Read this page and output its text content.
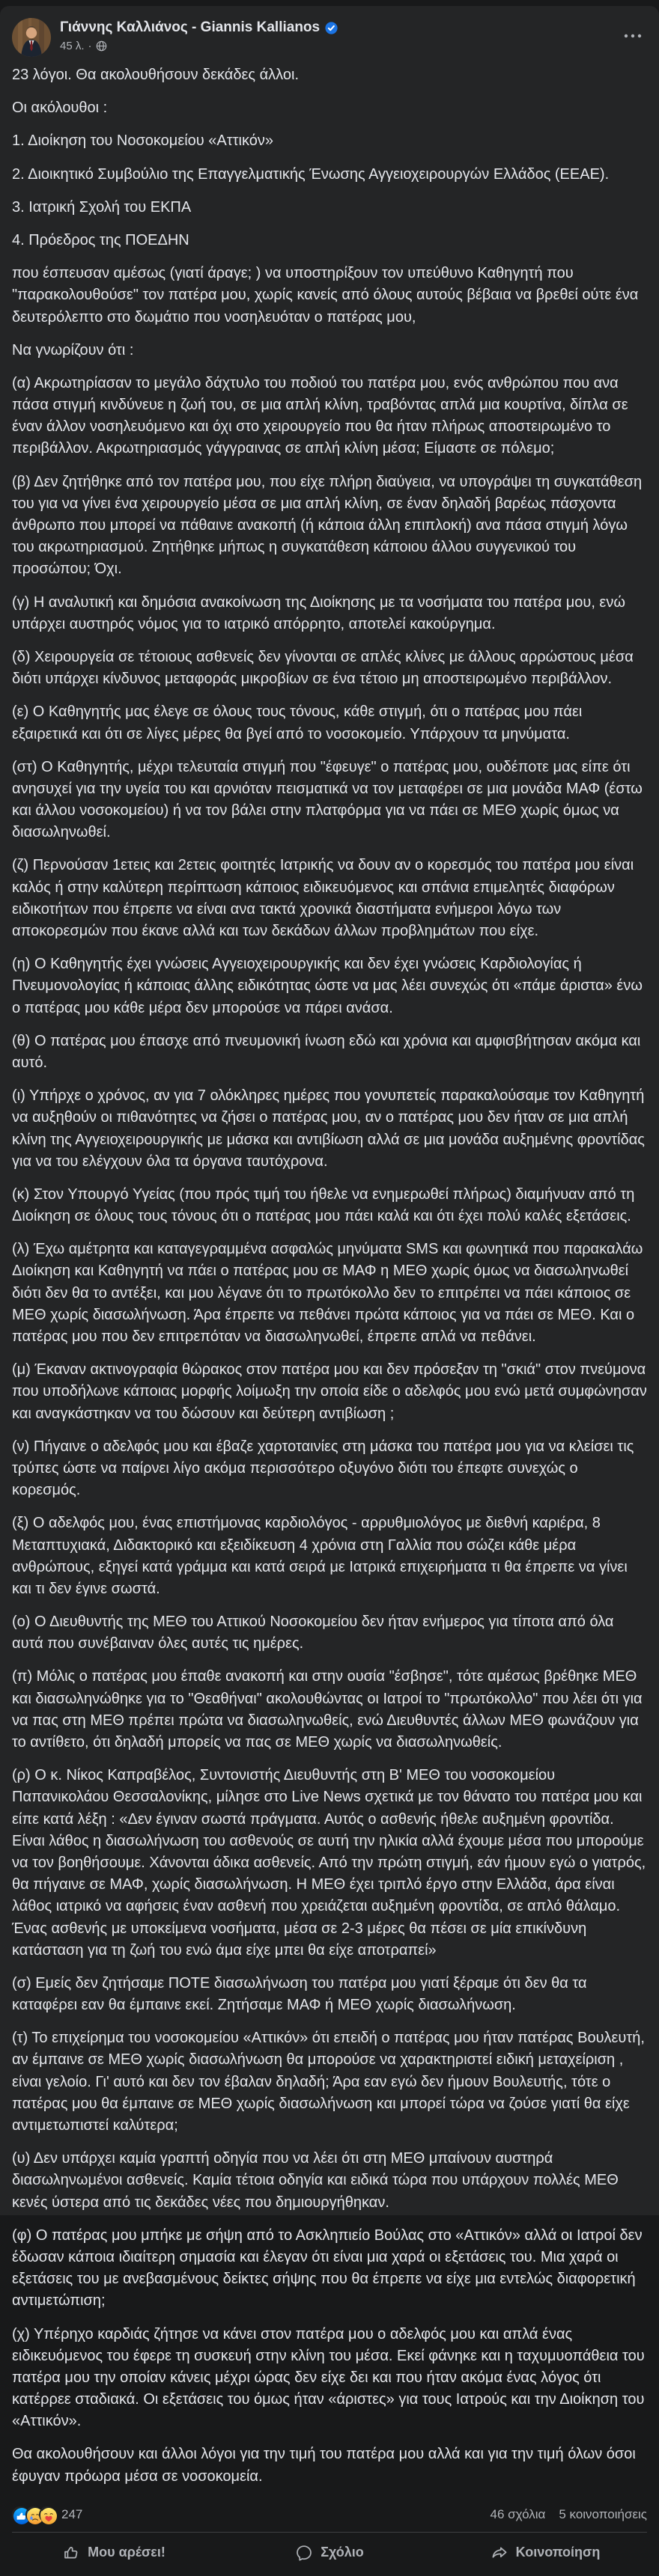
Γιάννης Καλλιάνος - Giannis Kallianos
45 λ. ·

23 λόγοι. Θα ακολουθήσουν δεκάδες άλλοι.

Οι ακόλουθοι :

1. Διοίκηση του Νοσοκομείου «Αττικόν»

2. Διοικητικό Συμβούλιο της Επαγγελματικής Ένωσης Αγγειοχειρουργών Ελλάδος (ΕΕΑΕ).

3. Ιατρική Σχολή του ΕΚΠΑ

4. Πρόεδρος της ΠΟΕΔΗΝ

που έσπευσαν αμέσως (γιατί άραγε; ) να υποστηρίξουν τον υπεύθυνο Καθηγητή που "παρακολουθούσε" τον πατέρα μου, χωρίς κανείς από όλους αυτούς βέβαια να βρεθεί ούτε ένα δευτερόλεπτο στο δωμάτιο που νοσηλευόταν ο πατέρας μου,

Να γνωρίζουν ότι :

(α) Ακρωτηρίασαν το μεγάλο δάχτυλο του ποδιού του πατέρα μου, ενός ανθρώπου που ανα πάσα στιγμή κινδύνευε η ζωή του, σε μια απλή κλίνη, τραβόντας απλά μια κουρτίνα, δίπλα σε έναν άλλον νοσηλευόμενο και όχι στο χειρουργείο που θα ήταν πλήρως αποστειρωμένο το περιβάλλον. Ακρωτηριασμός γάγγραινας σε απλή κλίνη μέσα; Είμαστε σε πόλεμο;

(β) Δεν ζητήθηκε από τον πατέρα μου, που είχε πλήρη διαύγεια, να υπογράψει τη συγκατάθεση του για να γίνει ένα χειρουργείο μέσα σε μια απλή κλίνη, σε έναν δηλαδή βαρέως πάσχοντα άνθρωπο που μπορεί να πάθαινε ανακοπή (ή κάποια άλλη επιπλοκή) ανα πάσα στιγμή λόγω του ακρωτηριασμού. Ζητήθηκε μήπως η συγκατάθεση κάποιου άλλου συγγενικού του προσώπου; Όχι.

(γ) Η αναλυτική και δημόσια ανακοίνωση της Διοίκησης με τα νοσήματα του πατέρα μου, ενώ υπάρχει αυστηρός νόμος για το ιατρικό απόρρητο, αποτελεί κακούργημα.

(δ) Χειρουργεία σε τέτοιους ασθενείς δεν γίνονται σε απλές κλίνες με άλλους αρρώστους μέσα διότι υπάρχει κίνδυνος μεταφοράς μικροβίων σε ένα τέτοιο μη αποστειρωμένο περιβάλλον.

(ε) Ο Καθηγητής μας έλεγε σε όλους τους τόνους, κάθε στιγμή, ότι ο πατέρας μου πάει εξαιρετικά και ότι σε λίγες μέρες θα βγεί από το νοσοκομείο. Υπάρχουν τα μηνύματα.

(στ) Ο Καθηγητής, μέχρι τελευταία στιγμή που "έφευγε" ο πατέρας μου, ουδέποτε μας είπε ότι ανησυχεί για την υγεία του και αρνιόταν πεισματικά να τον μεταφέρει σε μια μονάδα ΜΑΦ (έστω και άλλου νοσοκομείου) ή να τον βάλει στην πλατφόρμα για να πάει σε ΜΕΘ χωρίς όμως να διασωληνωθεί.

(ζ) Περνούσαν 1ετεις και 2ετεις φοιτητές Ιατρικής να δουν αν ο κορεσμός του πατέρα μου είναι καλός ή στην καλύτερη περίπτωση κάποιος ειδικευόμενος και σπάνια επιμελητές διαφόρων ειδικοτήτων που έπρεπε να είναι ανα τακτά χρονικά διαστήματα ενήμεροι λόγω των αποκορεσμών που έκανε αλλά και των δεκάδων άλλων προβλημάτων που είχε.

(η) Ο Καθηγητής έχει γνώσεις Αγγειοχειρουργικής και δεν έχει γνώσεις Καρδιολογίας ή Πνευμονολογίας ή κάποιας άλλης ειδικότητας ώστε να μας λέει συνεχώς ότι «πάμε άριστα» ένω ο πατέρας μου κάθε μέρα δεν μπορούσε να πάρει ανάσα.

(θ) Ο πατέρας μου έπασχε από πνευμονική ίνωση εδώ και χρόνια και αμφισβήτησαν ακόμα και αυτό.

(ι) Υπήρχε ο χρόνος, αν για 7 ολόκληρες ημέρες που γονυπετείς παρακαλούσαμε τον Καθηγητή να αυξηθούν οι πιθανότητες να ζήσει ο πατέρας μου, αν ο πατέρας μου δεν ήταν σε μια απλή κλίνη της Αγγειοχειρουργικής με μάσκα και αντιβίωση αλλά σε μια μονάδα αυξημένης φροντίδας για να του ελέγχουν όλα τα όργανα ταυτόχρονα.

(κ) Στον Υπουργό Υγείας (που πρός τιμή του ήθελε να ενημερωθεί πλήρως) διαμήνυαν από τη Διοίκηση σε όλους τους τόνους ότι ο πατέρας μου πάει καλά και ότι έχει πολύ καλές εξετάσεις.

(λ) Έχω αμέτρητα και καταγεγραμμένα ασφαλώς μηνύματα SMS και φωνητικά που παρακαλάω Διοίκηση και Καθηγητή να πάει ο πατέρας μου σε ΜΑΦ η ΜΕΘ χωρίς όμως να διασωληνωθεί διότι δεν θα το αντέξει, και μου λέγανε ότι το πρωτόκολλο δεν το επιτρέπει να πάει κάποιος σε ΜΕΘ χωρίς διασωλήνωση. Άρα έπρεπε να πεθάνει πρώτα κάποιος για να πάει σε ΜΕΘ. Και ο πατέρας μου που δεν επιτρεπόταν να διασωληνωθεί, έπρεπε απλά να πεθάνει.

(μ) Έκαναν ακτινογραφία θώρακος στον πατέρα μου και δεν πρόσεξαν τη "σκιά" στον πνεύμονα που υποδήλωνε κάποιας μορφής λοίμωξη την οποία είδε ο αδελφός μου ενώ μετά συμφώνησαν και αναγκάστηκαν να του δώσουν και δεύτερη αντιβίωση ;

(ν) Πήγαινε ο αδελφός μου και έβαζε χαρτοταινίες στη μάσκα του πατέρα μου για να κλείσει τις τρύπες ώστε να παίρνει λίγο ακόμα περισσότερο οξυγόνο διότι του έπεφτε συνεχώς ο κορεσμός.

(ξ) Ο αδελφός μου, ένας επιστήμονας καρδιολόγος - αρρυθμιολόγος με διεθνή καριέρα, 8 Μεταπτυχιακά, Διδακτορικό και εξειδίκευση 4 χρόνια στη Γαλλία που σώζει κάθε μέρα ανθρώπους, εξηγεί κατά γράμμα και κατά σειρά με Ιατρικά επιχειρήματα τι θα έπρεπε να γίνει και τι δεν έγινε σωστά.

(ο) Ο Διευθυντής της ΜΕΘ του Αττικού Νοσοκομείου δεν ήταν ενήμερος για τίποτα από όλα αυτά που συνέβαιναν όλες αυτές τις ημέρες.

(π) Μόλις ο πατέρας μου έπαθε ανακοπή και στην ουσία "έσβησε", τότε αμέσως βρέθηκε ΜΕΘ και διασωληνώθηκε για το "Θεαθήναι" ακολουθώντας οι Ιατροί το "πρωτόκολλο" που λέει ότι για να πας στη ΜΕΘ πρέπει πρώτα να διασωληνωθείς, ενώ Διευθυντές άλλων ΜΕΘ φωνάζουν για το αντίθετο, ότι δηλαδή μπορείς να πας σε ΜΕΘ χωρίς να διασωληνωθείς.

(ρ) Ο κ. Νίκος Καπραβέλος, Συντονιστής Διευθυντής στη Β' ΜΕΘ του νοσοκομείου Παπανικολάου Θεσσαλονίκης, μίλησε στο Live News σχετικά με τον θάνατο του πατέρα μου και είπε κατά λέξη : «Δεν έγιναν σωστά πράγματα. Αυτός ο ασθενής ήθελε αυξημένη φροντίδα. Είναι λάθος η διασωλήνωση του ασθενούς σε αυτή την ηλικία αλλά έχουμε μέσα που μπορούμε να τον βοηθήσουμε. Χάνονται άδικα ασθενείς. Από την πρώτη στιγμή, εάν ήμουν εγώ ο γιατρός, θα πήγαινε σε ΜΑΦ, χωρίς διασωλήνωση. Η ΜΕΘ έχει τριπλό έργο στην Ελλάδα, άρα είναι λάθος ιατρικό να αφήσεις έναν ασθενή που χρειάζεται αυξημένη φροντίδα, σε απλό θάλαμο. Ένας ασθενής με υποκείμενα νοσήματα, μέσα σε 2-3 μέρες θα πέσει σε μία επικίνδυνη κατάσταση για τη ζωή του ενώ άμα είχε μπει θα είχε αποτραπεί»

(σ) Εμείς δεν ζητήσαμε ΠΟΤΕ διασωλήνωση του πατέρα μου γιατί ξέραμε ότι δεν θα τα καταφέρει εαν θα έμπαινε εκεί. Ζητήσαμε ΜΑΦ ή ΜΕΘ χωρίς διασωλήνωση.

(τ) Το επιχείρημα του νοσοκομείου «Αττικόν» ότι επειδή ο πατέρας μου ήταν πατέρας Βουλευτή, αν έμπαινε σε ΜΕΘ χωρίς διασωλήνωση θα μπορούσε να χαρακτηριστεί ειδική μεταχείριση , είναι γελοίο. Γι' αυτό και δεν τον έβαλαν δηλαδή; Άρα εαν εγώ δεν ήμουν Βουλευτής, τότε ο πατέρας μου θα έμπαινε σε ΜΕΘ χωρίς διασωλήνωση και μπορεί τώρα να ζούσε γιατί θα είχε αντιμετωπιστεί καλύτερα;

(υ) Δεν υπάρχει καμία γραπτή οδηγία που να λέει ότι στη ΜΕΘ μπαίνουν αυστηρά διασωληνωμένοι ασθενείς. Καμία τέτοια οδηγία και ειδικά τώρα που υπάρχουν πολλές ΜΕΘ κενές ύστερα από τις δεκάδες νέες που δημιουργήθηκαν.

(φ) Ο πατέρας μου μπήκε με σήψη από το Ασκληπιείο Βούλας στο «Αττικόν» αλλά οι Ιατροί δεν έδωσαν κάποια ιδιαίτερη σημασία και έλεγαν ότι είναι μια χαρά οι εξετάσεις του. Μια χαρά οι εξετάσεις του με ανεβασμένους δείκτες σήψης που θα έπρεπε να είχε μια εντελώς διαφορετική αντιμετώπιση;

(χ) Υπέρηχο καρδιάς ζήτησε να κάνει στον πατέρα μου ο αδελφός μου και απλά ένας ειδικευόμενος του έφερε τη συσκευή στην κλίνη του μέσα. Εκεί φάνηκε και η ταχυμυοπάθεια του πατέρα μου την οποίαν κάνεις μέχρι ώρας δεν είχε δει και που ήταν ακόμα ένας λόγος ότι κατέρρεε σταδιακά. Οι εξετάσεις του όμως ήταν «άριστες» για τους Ιατρούς και την Διοίκηση του «Αττικόν».

Θα ακολουθήσουν και άλλοι λόγοι για την τιμή του πατέρα μου αλλά και για την τιμή όλων όσοι έφυγαν πρόωρα μέσα σε νοσοκομεία.

247	46 σχόλια 5 κοινοποιήσεις
Μου αρέσει!	Σχόλιο	Κοινοποίηση
